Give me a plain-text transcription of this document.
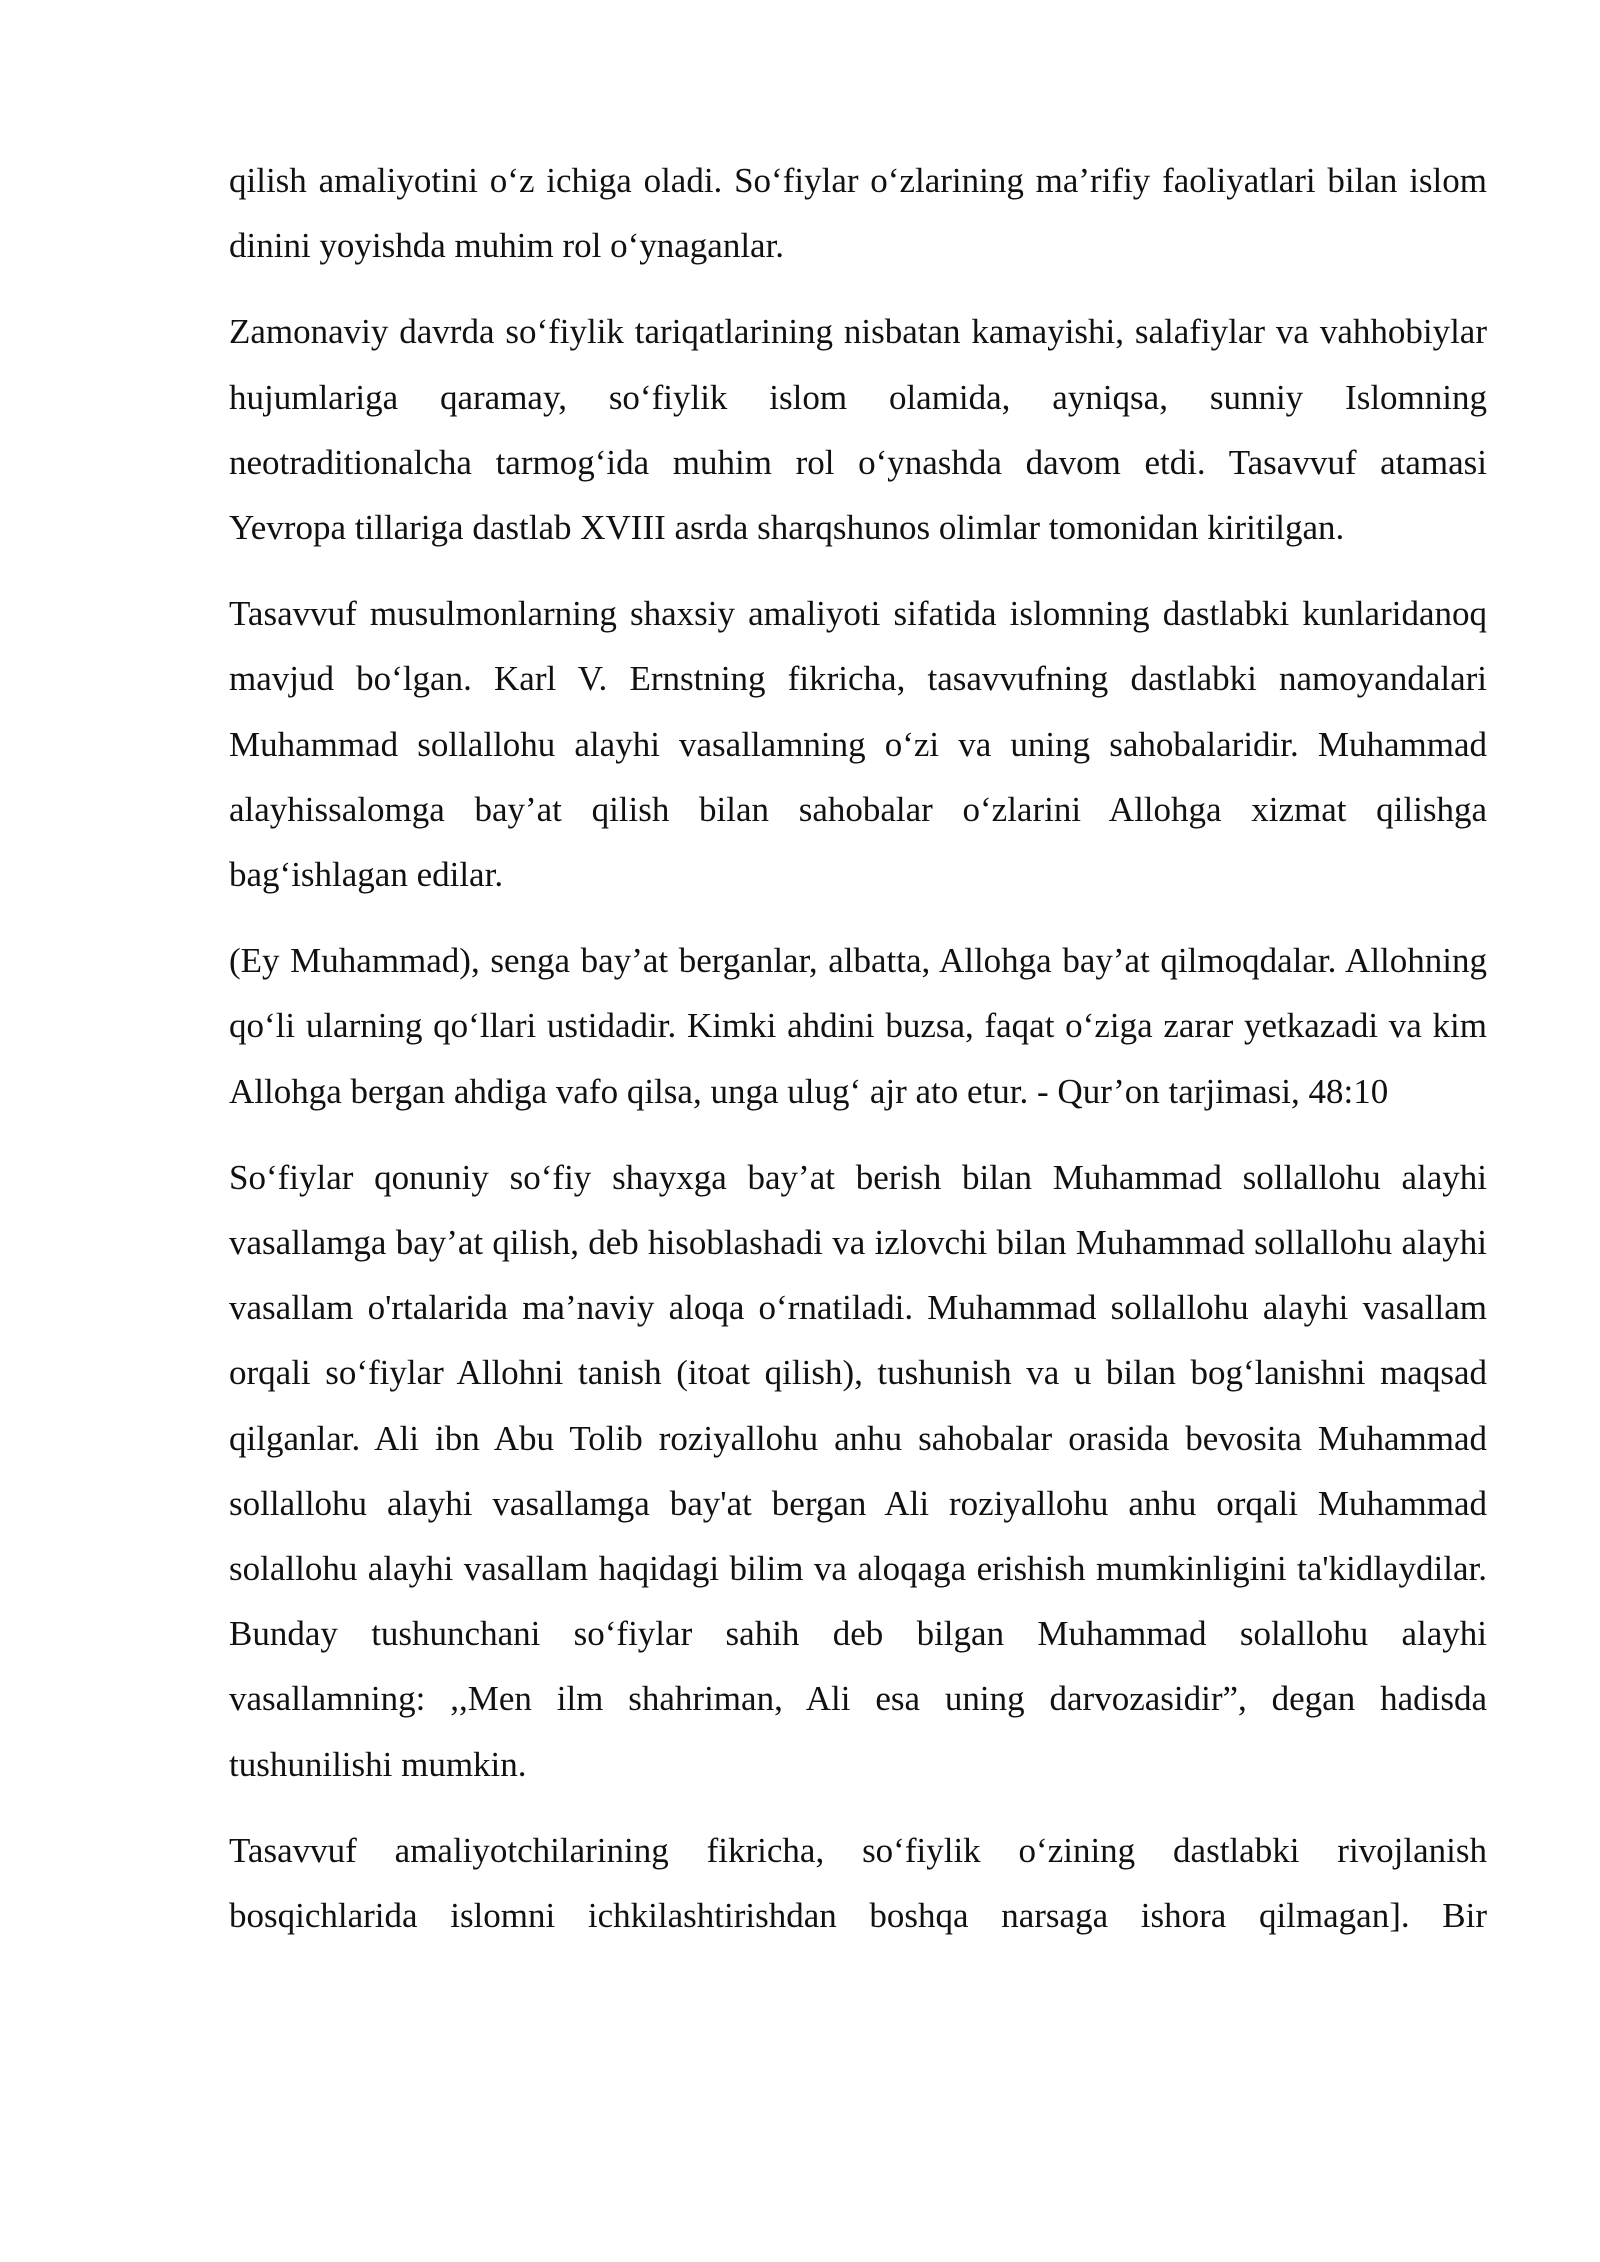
qilish amaliyotini o‘z ichiga oladi. So‘fiylar o‘zlarining ma’rifiy faoliyatlari bilan islom dinini yoyishda muhim rol o‘ynaganlar.

Zamonaviy davrda so‘fiylik tariqatlarining nisbatan kamayishi, salafiylar va vahhobiylar hujumlariga qaramay, so‘fiylik islom olamida, ayniqsa, sunniy Islomning neotraditionalcha tarmog‘ida muhim rol o‘ynashda davom etdi. Tasavvuf atamasi Yevropa tillariga dastlab XVIII asrda sharqshunos olimlar tomonidan kiritilgan.

Tasavvuf musulmonlarning shaxsiy amaliyoti sifatida islomning dastlabki kunlaridanoq mavjud bo‘lgan. Karl V. Ernstning fikricha, tasavvufning dastlabki namoyandalari Muhammad sollallohu alayhi vasallamning o‘zi va uning sahobalaridir. Muhammad alayhissalomga bay’at qilish bilan sahobalar o‘zlarini Allohga xizmat qilishga bag‘ishlagan edilar.

(Ey Muhammad), senga bay’at berganlar, albatta, Allohga bay’at qilmoqdalar. Allohning qo‘li ularning qo‘llari ustidadir. Kimki ahdini buzsa, faqat o‘ziga zarar yetkazadi va kim Allohga bergan ahdiga vafo qilsa, unga ulug‘ ajr ato etur. - Qur’on tarjimasi, 48:10

So‘fiylar qonuniy so‘fiy shayxga bay’at berish bilan Muhammad sollallohu alayhi vasallamga bay’at qilish, deb hisoblashadi va izlovchi bilan Muhammad sollallohu alayhi vasallam o'rtalarida ma’naviy aloqa o‘rnatiladi. Muhammad sollallohu alayhi vasallam orqali so‘fiylar Allohni tanish (itoat qilish), tushunish va u bilan bog‘lanishni maqsad qilganlar. Ali ibn Abu Tolib roziyallohu anhu sahobalar orasida bevosita Muhammad sollallohu alayhi vasallamga bay'at bergan Ali roziyallohu anhu orqali Muhammad solallohu alayhi vasallam haqidagi bilim va aloqaga erishish mumkinligini ta'kidlaydilar. Bunday tushunchani so‘fiylar sahih deb bilgan Muhammad solallohu alayhi vasallamning: ,,Men ilm shahriman, Ali esa uning darvozasidir”, degan hadisda tushunilishi mumkin.

Tasavvuf amaliyotchilarining fikricha, so‘fiylik o‘zining dastlabki rivojlanish bosqichlarida islomni ichkilashtirishdan boshqa narsaga ishora qilmagan]. Bir
